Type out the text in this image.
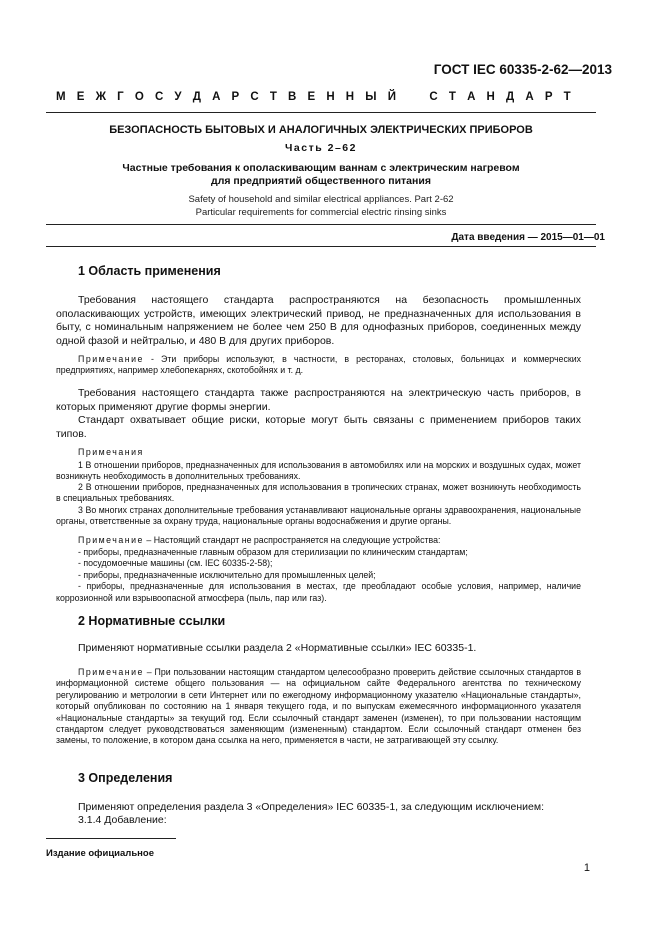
ГОСТ IEC 60335-2-62—2013
М Е Ж Г О С У Д А Р С Т В Е Н Н Ы Й	С Т А Н Д А Р Т
БЕЗОПАСНОСТЬ БЫТОВЫХ И АНАЛОГИЧНЫХ ЭЛЕКТРИЧЕСКИХ ПРИБОРОВ
Часть 2–62
Частные требования к ополаскивающим ваннам с электрическим нагревом
для предприятий общественного питания
Safety of household and similar electrical appliances. Part 2-62
Particular requirements for commercial electric rinsing sinks
Дата введения — 2015—01—01
1 Область применения
Требования настоящего стандарта распространяются на безопасность промышленных ополаскивающих устройств, имеющих электрический привод, не предназначенных для использования в быту, с номинальным напряжением не более чем 250 В для однофазных приборов, соединенных между одной фазой и нейтралью, и 480 В для других приборов.
Примечание - Эти приборы используют, в частности, в ресторанах, столовых, больницах и коммерческих предприятиях, например хлебопекарнях, скотобойнях и т. д.
Требования настоящего стандарта также распространяются на электрическую часть приборов, в которых применяют другие формы энергии.
Стандарт охватывает общие риски, которые могут быть связаны с применением приборов таких типов.
Примечания
1 В отношении приборов, предназначенных для использования в автомобилях или на морских и воздушных судах, может возникнуть необходимость в дополнительных требованиях.
2 В отношении приборов, предназначенных для использования в тропических странах, может возникнуть необходимость в специальных требованиях.
3 Во многих странах дополнительные требования устанавливают национальные органы здравоохранения, национальные органы, ответственные за охрану труда, национальные органы водоснабжения и другие органы.
Примечание – Настоящий стандарт не распространяется на следующие устройства:
- приборы, предназначенные главным образом для стерилизации по клиническим стандартам;
- посудомоечные машины (см. IEC 60335-2-58);
- приборы, предназначенные исключительно для промышленных целей;
- приборы, предназначенные для использования в местах, где преобладают особые условия, например, наличие коррозионной или взрывоопасной атмосфера (пыль, пар или газ).
2 Нормативные ссылки
Применяют нормативные ссылки раздела 2 «Нормативные ссылки» IEC 60335-1.
Примечание – При пользовании настоящим стандартом целесообразно проверить действие ссылочных стандартов в информационной системе общего пользования — на официальном сайте Федерального агентства по техническому регулированию и метрологии в сети Интернет или по ежегодному информационному указателю «Национальные стандарты», который опубликован по состоянию на 1 января текущего года, и по выпускам ежемесячного информационного указателя «Национальные стандарты» за текущий год. Если ссылочный стандарт заменен (изменен), то при пользовании настоящим стандартом следует руководствоваться заменяющим (измененным) стандартом. Если ссылочный стандарт отменен без замены, то положение, в котором дана ссылка на него, применяется в части, не затрагивающей эту ссылку.
3 Определения
Применяют определения раздела 3 «Определения» IEC 60335-1, за следующим исключением:
3.1.4 Добавление:
Издание официальное
1
